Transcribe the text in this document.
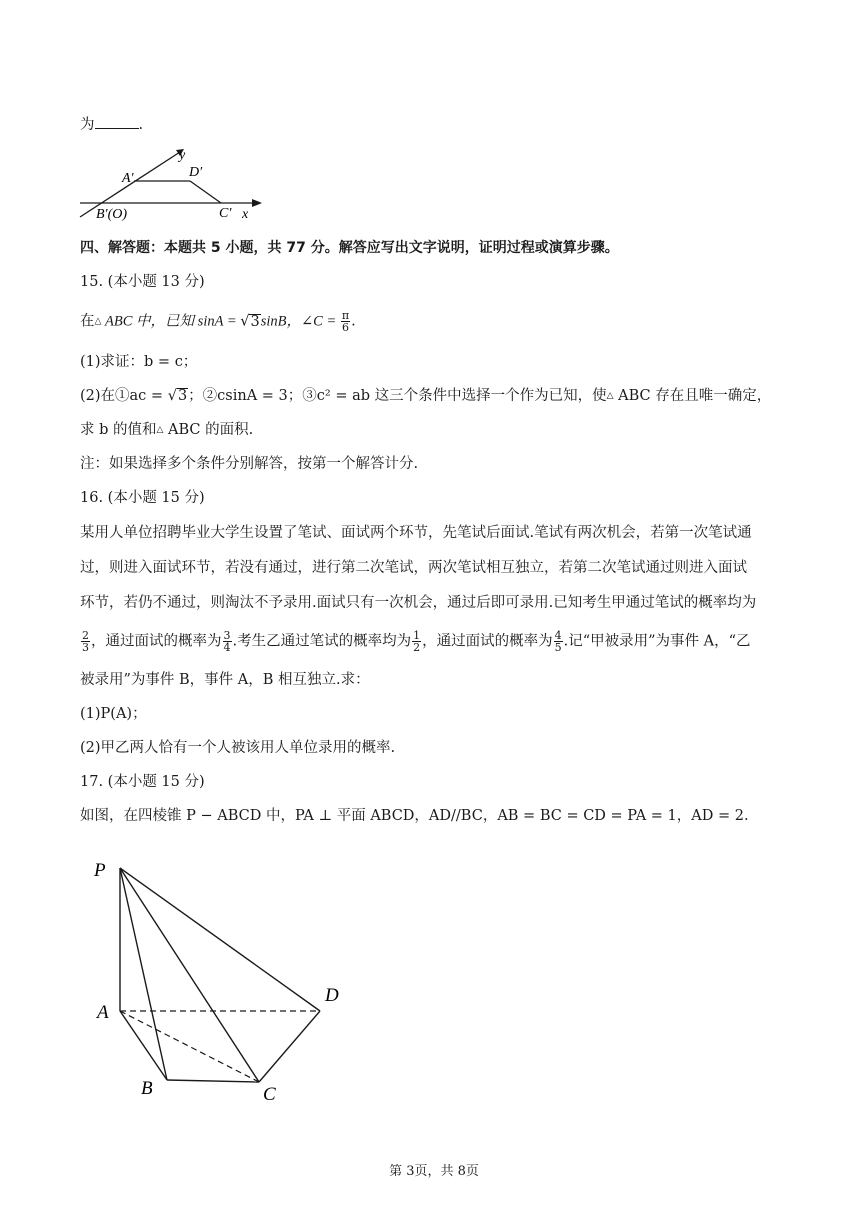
为	.
A′	D′
B′(O)	C′ x
y
四、解答题：本题共 5 小题，共 77 分。解答应写出文字说明，证明过程或演算步骤。
15. (本小题 13 分)
在△ ABC 中，已知 sinA = √3sinB，∠C = $\frac{\pi}{6}$ .
(1)求证：b = c；
(2)在①ac = √3；②csinA = 3；③c² = ab 这三个条件中选择一个作为已知，使△ ABC 存在且唯一确定，
求 b 的值和△ ABC 的面积.
注：如果选择多个条件分别解答，按第一个解答计分.
16. (本小题 15 分)
某用人单位招聘毕业大学生设置了笔试、面试两个环节，先笔试后面试.笔试有两次机会，若第一次笔试通
过，则进入面试环节，若没有通过，进行第二次笔试，两次笔试相互独立，若第二次笔试通过则进入面试
环节，若仍不通过，则淘汰不予录用.面试只有一次机会，通过后即可录用.已知考生甲通过笔试的概率均为
$\frac{2}{3}$ ，通过面试的概率为 $\frac{3}{4}$ .考生乙通过笔试的概率均为 $\frac{1}{2}$ ，通过面试的概率为 $\frac{4}{5}$ .记“甲被录用”为事件 A，“乙
被录用”为事件 B，事件 A，B 相互独立.求：
(1)P(A)；
(2)甲乙两人恰有一个人被该用人单位录用的概率.
17. (本小题 15 分)
如图，在四棱锥 P − ABCD 中，PA ⊥ 平面 ABCD，AD//BC，AB = BC = CD = PA = 1，AD = 2.
P
A
B	C
D
第 3页，共 8页
